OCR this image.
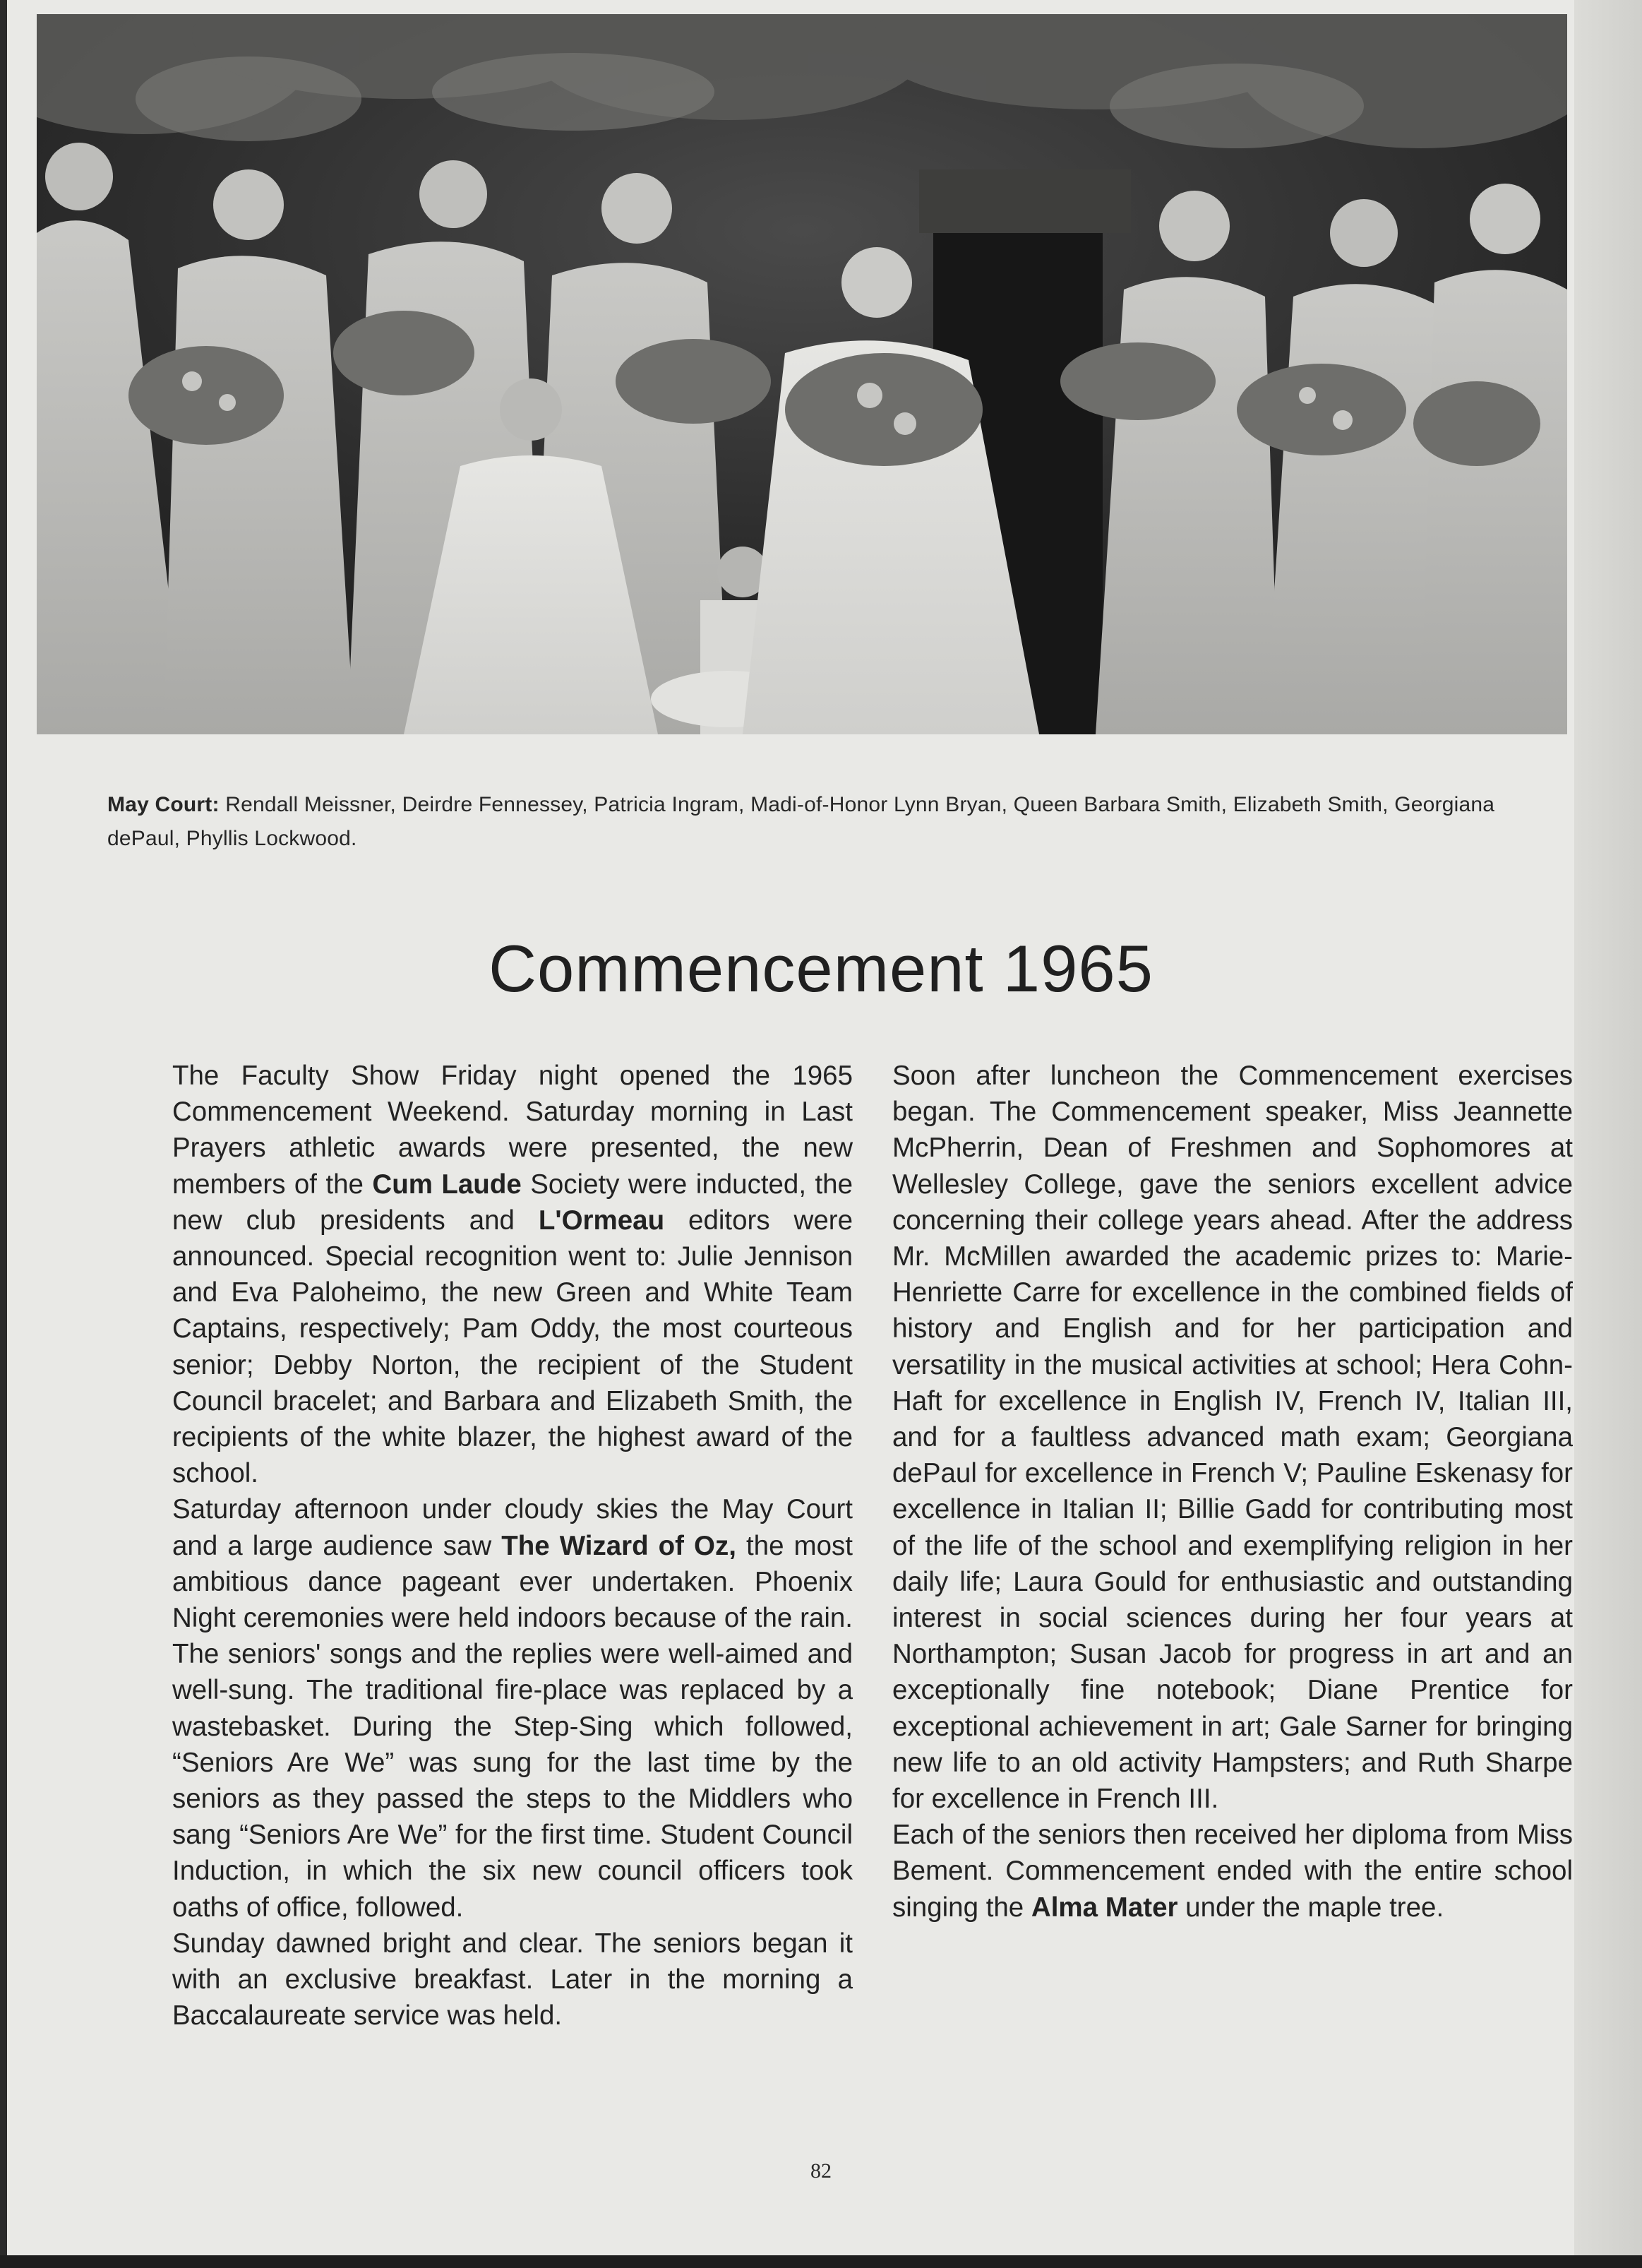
May Court: Rendall Meissner, Deirdre Fennessey, Patricia Ingram, Madi-of-Honor Lynn Bryan, Queen Barbara Smith, Elizabeth Smith, Georgiana dePaul, Phyllis Lockwood.

Commencement 1965

The Faculty Show Friday night opened the 1965 Commencement Weekend. Saturday morning in Last Prayers athletic awards were presented, the new members of the Cum Laude Society were inducted, the new club presidents and L'Ormeau editors were announced. Special recognition went to: Julie Jennison and Eva Paloheimo, the new Green and White Team Captains, respectively; Pam Oddy, the most courteous senior; Debby Norton, the recipient of the Student Council bracelet; and Barbara and Elizabeth Smith, the recipients of the white blazer, the highest award of the school.

Saturday afternoon under cloudy skies the May Court and a large audience saw The Wizard of Oz, the most ambitious dance pageant ever undertaken. Phoenix Night ceremonies were held indoors because of the rain. The seniors' songs and the replies were well-aimed and well-sung. The traditional fire-place was replaced by a wastebasket. During the Step-Sing which followed, “Seniors Are We” was sung for the last time by the seniors as they passed the steps to the Middlers who sang “Seniors Are We” for the first time. Student Council Induction, in which the six new council officers took oaths of office, followed.

Sunday dawned bright and clear. The seniors began it with an exclusive breakfast. Later in the morning a Baccalaureate service was held.

Soon after luncheon the Commencement exercises began. The Commencement speaker, Miss Jeannette McPherrin, Dean of Freshmen and Sophomores at Wellesley College, gave the seniors excellent advice concerning their college years ahead. After the address Mr. McMillen awarded the academic prizes to: Marie-Henriette Carre for excellence in the combined fields of history and English and for her participation and versatility in the musical activities at school; Hera Cohn-Haft for excellence in English IV, French IV, Italian III, and for a faultless advanced math exam; Georgiana dePaul for excellence in French V; Pauline Eskenasy for excellence in Italian II; Billie Gadd for contributing most of the life of the school and exemplifying religion in her daily life; Laura Gould for enthusiastic and outstanding interest in social sciences during her four years at Northampton; Susan Jacob for progress in art and an exceptionally fine notebook; Diane Prentice for exceptional achievement in art; Gale Sarner for bringing new life to an old activity Hampsters; and Ruth Sharpe for excellence in French III.

Each of the seniors then received her diploma from Miss Bement. Commencement ended with the entire school singing the Alma Mater under the maple tree.

82
